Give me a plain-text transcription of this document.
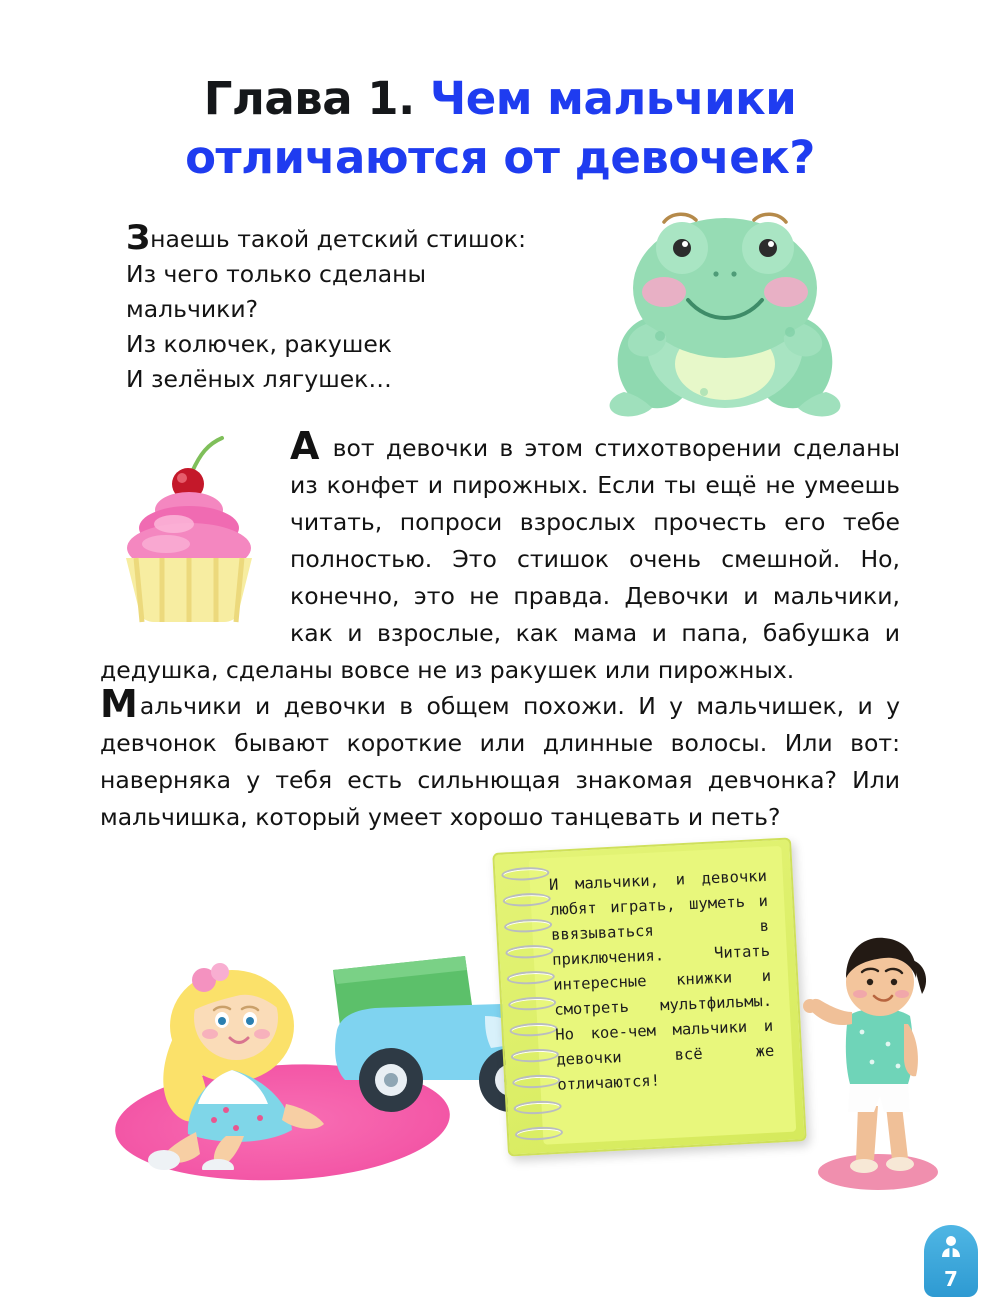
Глава 1. Чем мальчики
отличаются от девочек?

Знаешь такой детский стишок:

Из чего только сделаны мальчики?

Из колючек, ракушек

И зелёных лягушек…

А вот девочки в этом стихотворении сделаны из конфет и пирожных. Если ты ещё не умеешь читать, попроси взрослых прочесть его тебе полностью. Это стишок очень смешной. Но, конечно, это не правда. Девочки и мальчики, как и взрослые, как мама и папа, бабушка и дедушка, сделаны вовсе не из ракушек или пирожных.
Мальчики и девочки в общем похожи. И у мальчишек, и у девчонок бывают короткие или длинные волосы. Или вот: наверняка у тебя есть сильнющая знакомая девчонка? Или мальчишка, который умеет хорошо танцевать и петь?
И мальчики, и девочки любят играть, шуметь и ввязываться в приключения. Читать интересные книжки и смотреть мультфильмы. Но кое-чем мальчики и девочки всё же отличаются!
7
